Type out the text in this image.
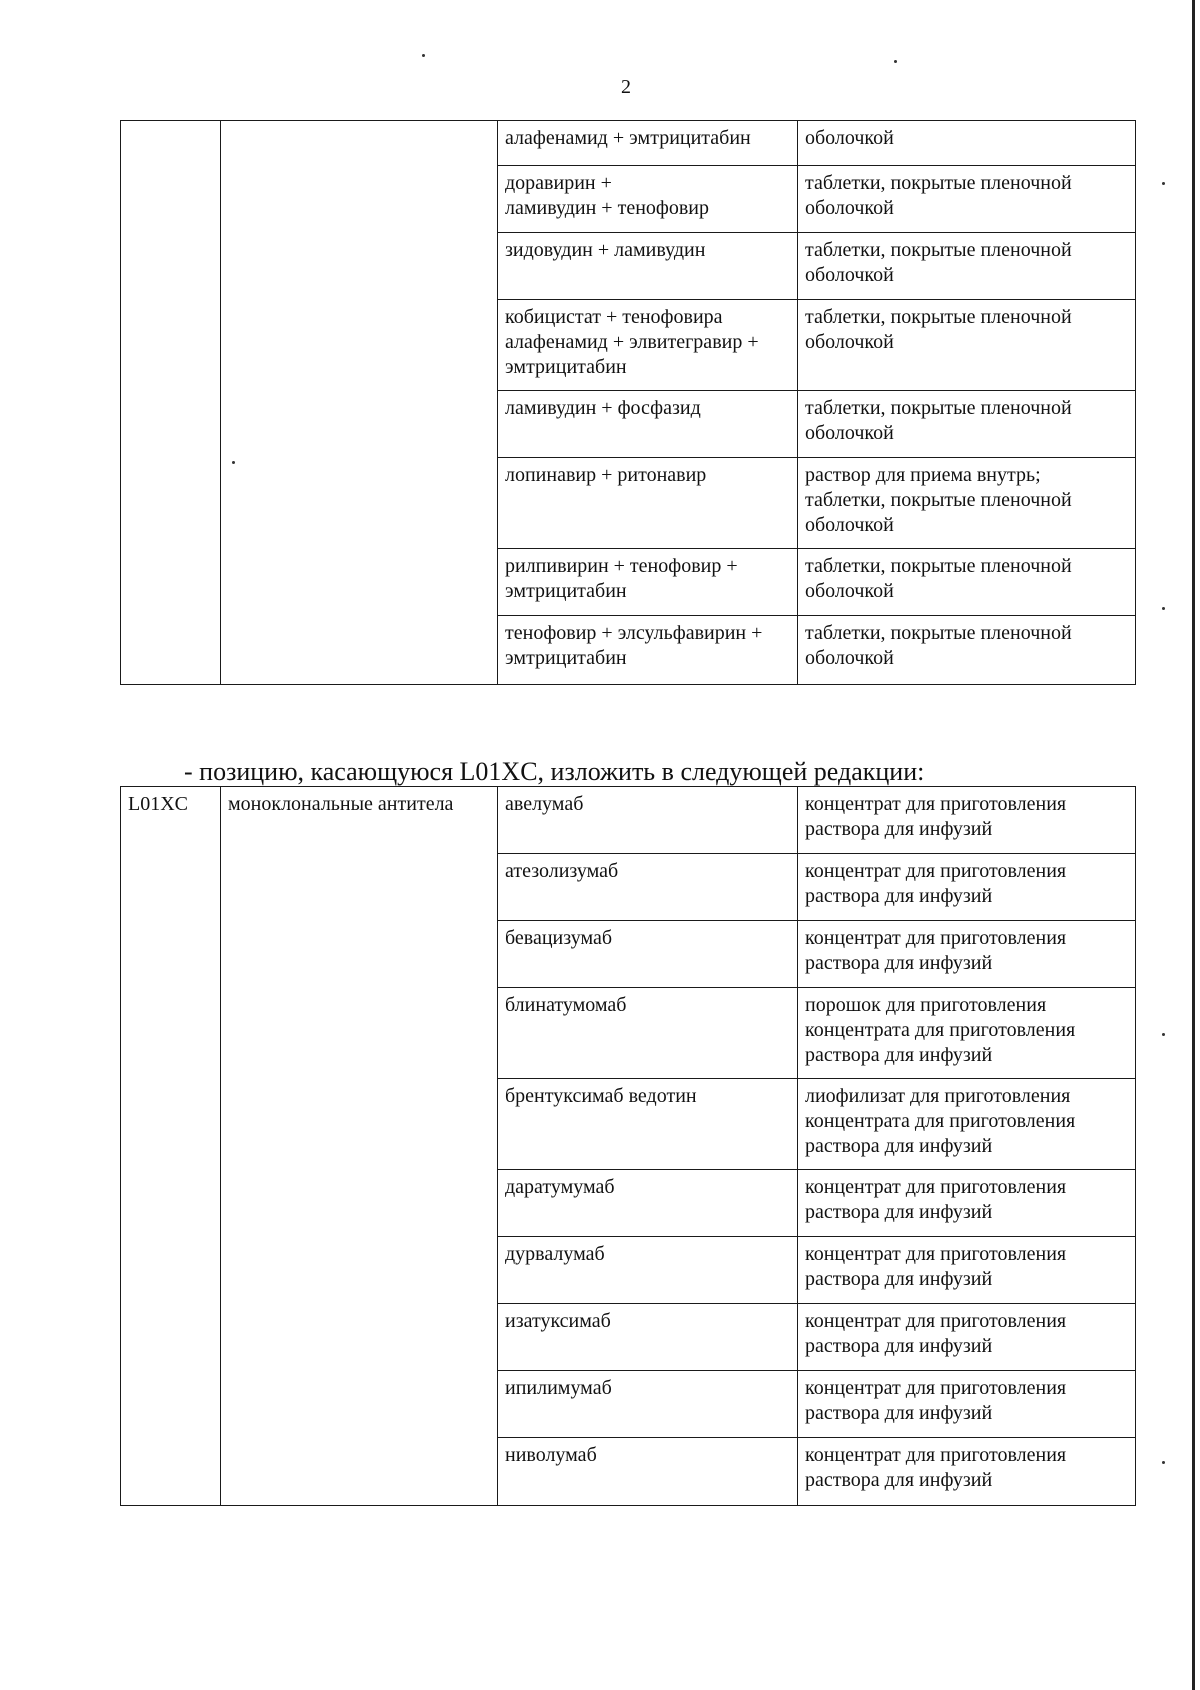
2
		алафенамид + эмтрицитабин	оболочкой
		доравирин +
ламивудин + тенофовир	таблетки, покрытые пленочной
оболочкой
		зидовудин + ламивудин	таблетки, покрытые пленочной
оболочкой
		кобицистат + тенофовира
алафенамид + элвитегравир +
эмтрицитабин	таблетки, покрытые пленочной
оболочкой
		ламивудин + фосфазид	таблетки, покрытые пленочной
оболочкой
		лопинавир + ритонавир	раствор для приема внутрь;
таблетки, покрытые пленочной
оболочкой
		рилпивирин + тенофовир +
эмтрицитабин	таблетки, покрытые пленочной
оболочкой
		тенофовир + элсульфавирин +
эмтрицитабин	таблетки, покрытые пленочной
оболочкой
- позицию, касающуюся L01XC, изложить в следующей редакции:
L01XC	моноклональные антитела	авелумаб	концентрат для приготовления
раствора для инфузий
		атезолизумаб	концентрат для приготовления
раствора для инфузий
		бевацизумаб	концентрат для приготовления
раствора для инфузий
		блинатумомаб	порошок для приготовления
концентрата для приготовления
раствора для инфузий
		брентуксимаб ведотин	лиофилизат для приготовления
концентрата для приготовления
раствора для инфузий
		даратумумаб	концентрат для приготовления
раствора для инфузий
		дурвалумаб	концентрат для приготовления
раствора для инфузий
		изатуксимаб	концентрат для приготовления
раствора для инфузий
		ипилимумаб	концентрат для приготовления
раствора для инфузий
		ниволумаб	концентрат для приготовления
раствора для инфузий
